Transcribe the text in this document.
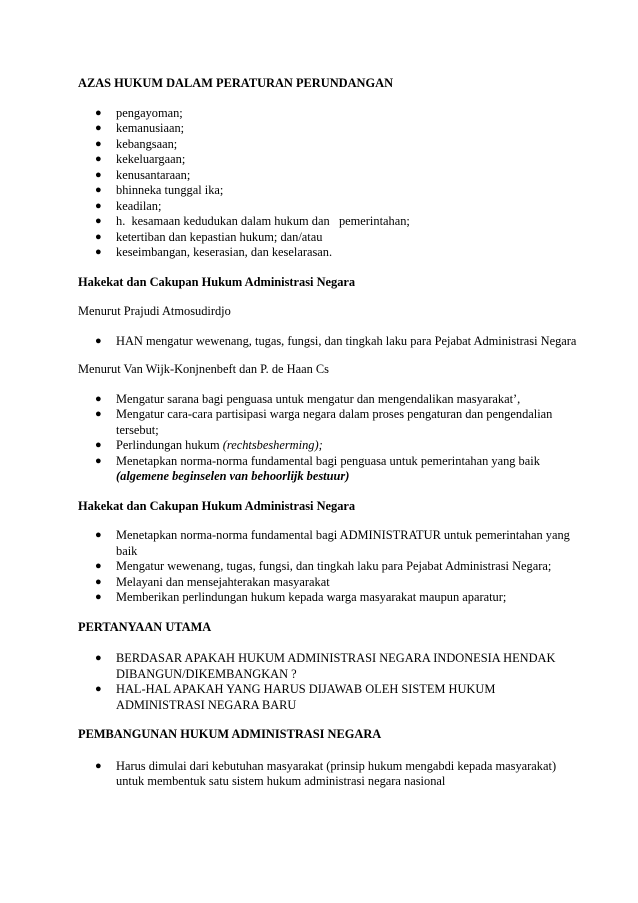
AZAS HUKUM DALAM PERATURAN PERUNDANGAN

● pengayoman;
● kemanusiaan;
● kebangsaan;
● kekeluargaan;
● kenusantaraan;
● bhinneka tunggal ika;
● keadilan;
● h.  kesamaan kedudukan dalam hukum dan   pemerintahan;
● ketertiban dan kepastian hukum; dan/atau
● keseimbangan, keserasian, dan keselarasan.

Hakekat dan Cakupan Hukum Administrasi Negara

Menurut Prajudi Atmosudirdjo

● HAN mengatur wewenang, tugas, fungsi, dan tingkah laku para Pejabat Administrasi Negara

Menurut Van Wijk-Konjnenbeft dan P. de Haan Cs

● Mengatur sarana bagi penguasa untuk mengatur dan mengendalikan masyarakat’,
● Mengatur cara-cara partisipasi warga negara dalam proses pengaturan dan pengendalian tersebut;
● Perlindungan hukum (rechtsbesherming);
● Menetapkan norma-norma fundamental bagi penguasa untuk pemerintahan yang baik
(algemene beginselen van behoorlijk bestuur)

Hakekat dan Cakupan Hukum Administrasi Negara

● Menetapkan norma-norma fundamental bagi ADMINISTRATUR untuk pemerintahan yang baik
● Mengatur wewenang, tugas, fungsi, dan tingkah laku para Pejabat Administrasi Negara;
● Melayani dan mensejahterakan masyarakat
● Memberikan perlindungan hukum kepada warga masyarakat maupun aparatur;

PERTANYAAN UTAMA

● BERDASAR APAKAH HUKUM ADMINISTRASI NEGARA INDONESIA HENDAK DIBANGUN/DIKEMBANGKAN ?
● HAL-HAL APAKAH YANG HARUS DIJAWAB OLEH SISTEM HUKUM ADMINISTRASI NEGARA BARU

PEMBANGUNAN HUKUM ADMINISTRASI NEGARA

● Harus dimulai dari kebutuhan masyarakat (prinsip hukum mengabdi kepada masyarakat) untuk membentuk satu sistem hukum administrasi negara nasional
